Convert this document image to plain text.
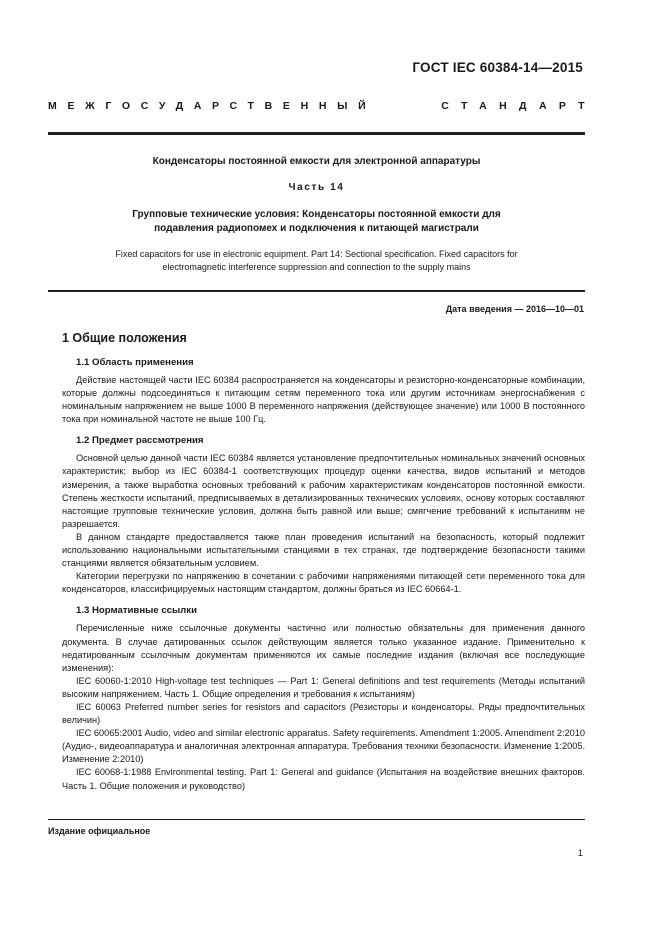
ГОСТ IEC 60384-14—2015
МЕЖГОСУДАРСТВЕННЫЙ	СТАНДАРТ
Конденсаторы постоянной емкости для электронной аппаратуры
Часть 14
Групповые технические условия: Конденсаторы постоянной емкости для подавления радиопомех и подключения к питающей магистрали
Fixed capacitors for use in electronic equipment. Part 14: Sectional specification. Fixed capacitors for electromagnetic interference suppression and connection to the supply mains
Дата введения — 2016—10—01
1 Общие положения
1.1 Область применения

Действие настоящей части IEC 60384 распространяется на конденсаторы и резисторно-конденсаторные комбинации, которые должны подсоединяться к питающим сетям переменного тока или другим источникам энергоснабжения с номинальным напряжением не выше 1000 В переменного напряжения (действующее значение) или 1000 В постоянного тока при номинальной частоте не выше 100 Гц.

1.2 Предмет рассмотрения

Основной целью данной части IEC 60384 является установление предпочтительных номинальных значений основных характеристик; выбор из IEC 60384-1 соответствующих процедур оценки качества, видов испытаний и методов измерения, а также выработка основных требований к рабочим характеристикам конденсаторов постоянной емкости. Степень жесткости испытаний, предписываемых в детализированных технических условиях, основу которых составляют настоящие групповые технические условия, должна быть равной или выше; смягчение требований к испытаниям не разрешается.

В данном стандарте предоставляется также план проведения испытаний на безопасность, который подлежит использованию национальными испытательными станциями в тех странах, где подтверждение безопасности такими станциями является обязательным условием.

Категории перегрузки по напряжению в сочетании с рабочими напряжениями питающей сети переменного тока для конденсаторов, классифицируемых настоящим стандартом, должны браться из IEC 60664-1.

1.3 Нормативные ссылки

Перечисленные ниже ссылочные документы частично или полностью обязательны для применения данного документа. В случае датированных ссылок действующим является только указанное издание. Применительно к недатированным ссылочным документам применяются их самые последние издания (включая все последующие изменения):

IEC 60060-1:2010 High-voltage test techniques — Part 1: General definitions and test requirements (Методы испытаний высоким напряжением. Часть 1. Общие определения и требования к испытаниям)

IEC 60063 Preferred number series for resistors and capacitors (Резисторы и конденсаторы. Ряды предпочтительных величин)

IEC 60065:2001 Audio, video and similar electronic apparatus. Safety requirements. Amendment 1:2005. Amendment 2:2010 (Аудио-, видеоаппаратура и аналогичная электронная аппаратура. Требования техники безопасности. Изменение 1:2005. Изменение 2:2010)

IEC 60068-1:1988 Environmental testing. Part 1: General and guidance (Испытания на воздействие внешних факторов. Часть 1. Общие положения и руководство)

Издание официальное
1
